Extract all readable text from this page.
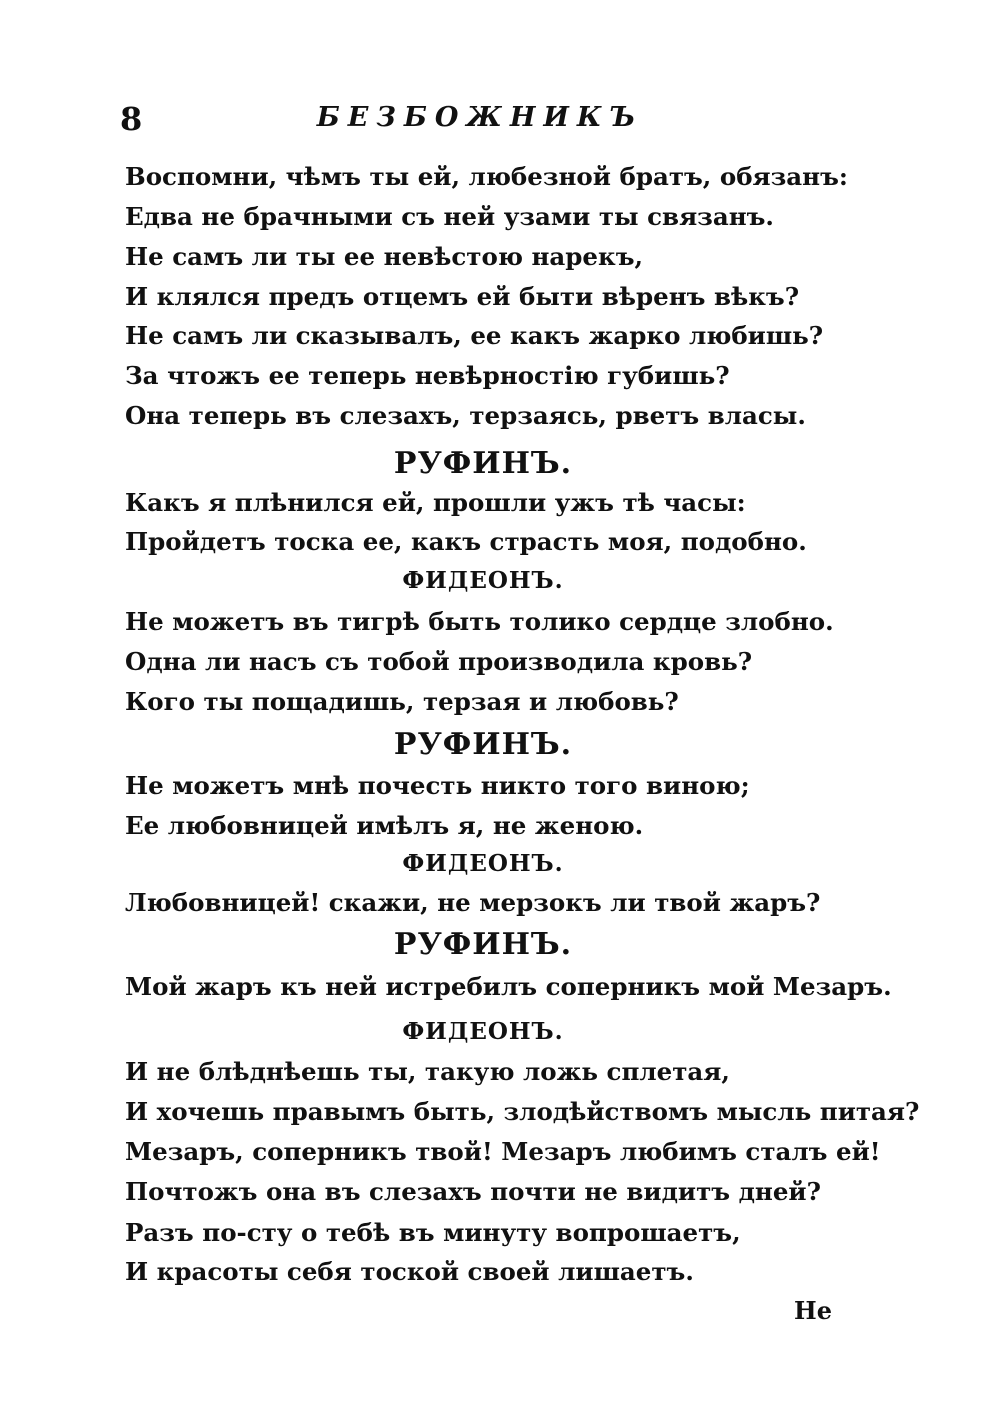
8	БЕЗБОЖНИКЪ
Воспомни, чѣмъ ты ей, любезной братъ, обязанъ:
Едва не брачными съ ней узами ты связанъ.
Не самъ ли ты ее невѣстою нарекъ,
И клялся предъ отцемъ ей быти вѣренъ вѣкъ?
Не самъ ли сказывалъ, ее какъ жарко любишь?
За чтожъ ее теперь невѣрностію губишь?
Она теперь въ слезахъ, терзаясь, рветъ власы.
РУФИНЪ.
Какъ я плѣнился ей, прошли ужъ тѣ часы:
Пройдетъ тоска ее, какъ страсть моя, подобно.
ФИДЕОНЪ.
Не можетъ въ тигрѣ быть толико сердце злобно.
Одна ли насъ съ тобой производила кровь?
Кого ты пощадишь, терзая и любовь?
РУФИНЪ.
Не можетъ мнѣ почесть никто того виною;
Ее любовницей имѣлъ я, не женою.
ФИДЕОНЪ.
Любовницей! скажи, не мерзокъ ли твой жаръ?
РУФИНЪ.
Мой жаръ къ ней истребилъ соперникъ мой Мезаръ.
ФИДЕОНЪ.
И не блѣднѣешь ты, такую ложь сплетая,
И хочешь правымъ быть, злодѣйствомъ мысль питая?
Мезаръ, соперникъ твой! Мезаръ любимъ сталъ ей!
Почтожъ она въ слезахъ почти не видитъ дней?
Разъ по-сту о тебѣ въ минуту вопрошаетъ,
И красоты себя тоской своей лишаетъ.
Не
